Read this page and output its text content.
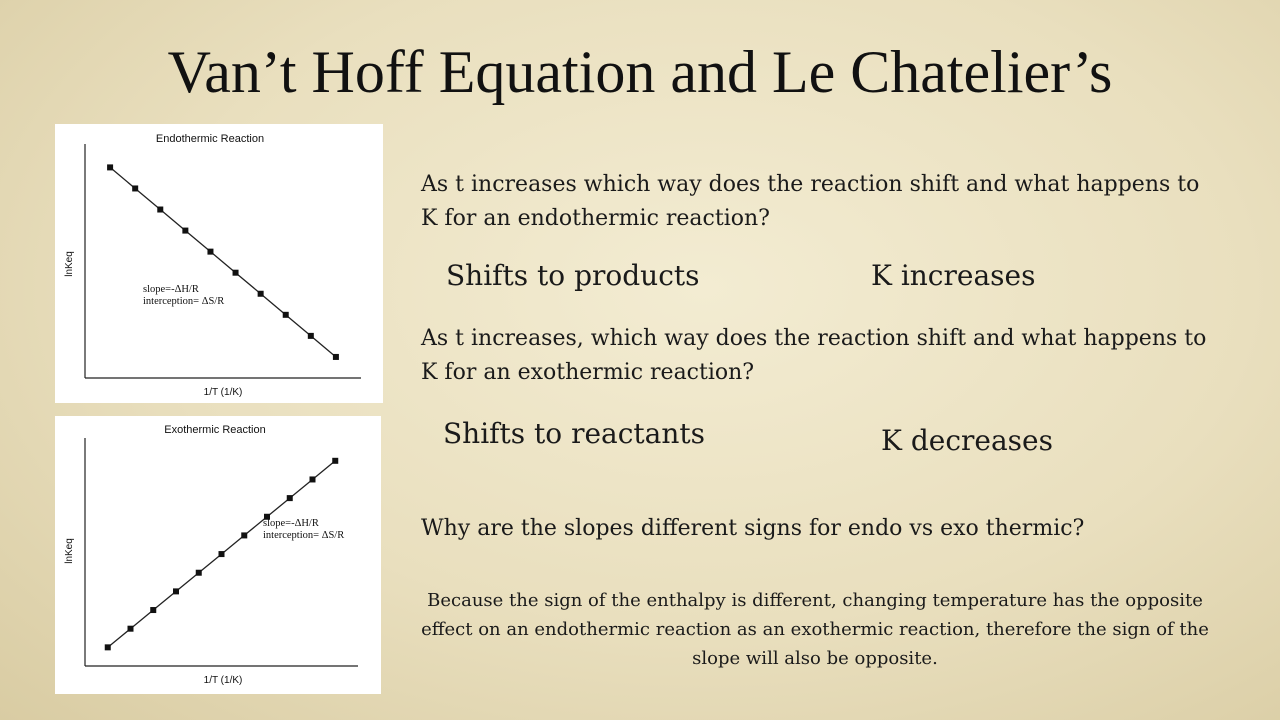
Van’t Hoff Equation and Le Chatelier’s
Endothermic Reaction
1/T (1/K)
lnKeq
slope=-ΔH/R
interception= ΔS/R
Exothermic Reaction
1/T (1/K)
lnKeq
slope=-ΔH/R
interception= ΔS/R
As t increases which way does the reaction shift and what happens to K for an endothermic reaction?
Shifts to products	K increases
As t increases, which way does the reaction shift and what happens to K for an exothermic reaction?
Shifts to reactants	K decreases
Why are the slopes different signs for endo vs exo thermic?
Because the sign of the enthalpy is different, changing temperature has the opposite effect on an endothermic reaction as an exothermic reaction, therefore the sign of the slope will also be opposite.
